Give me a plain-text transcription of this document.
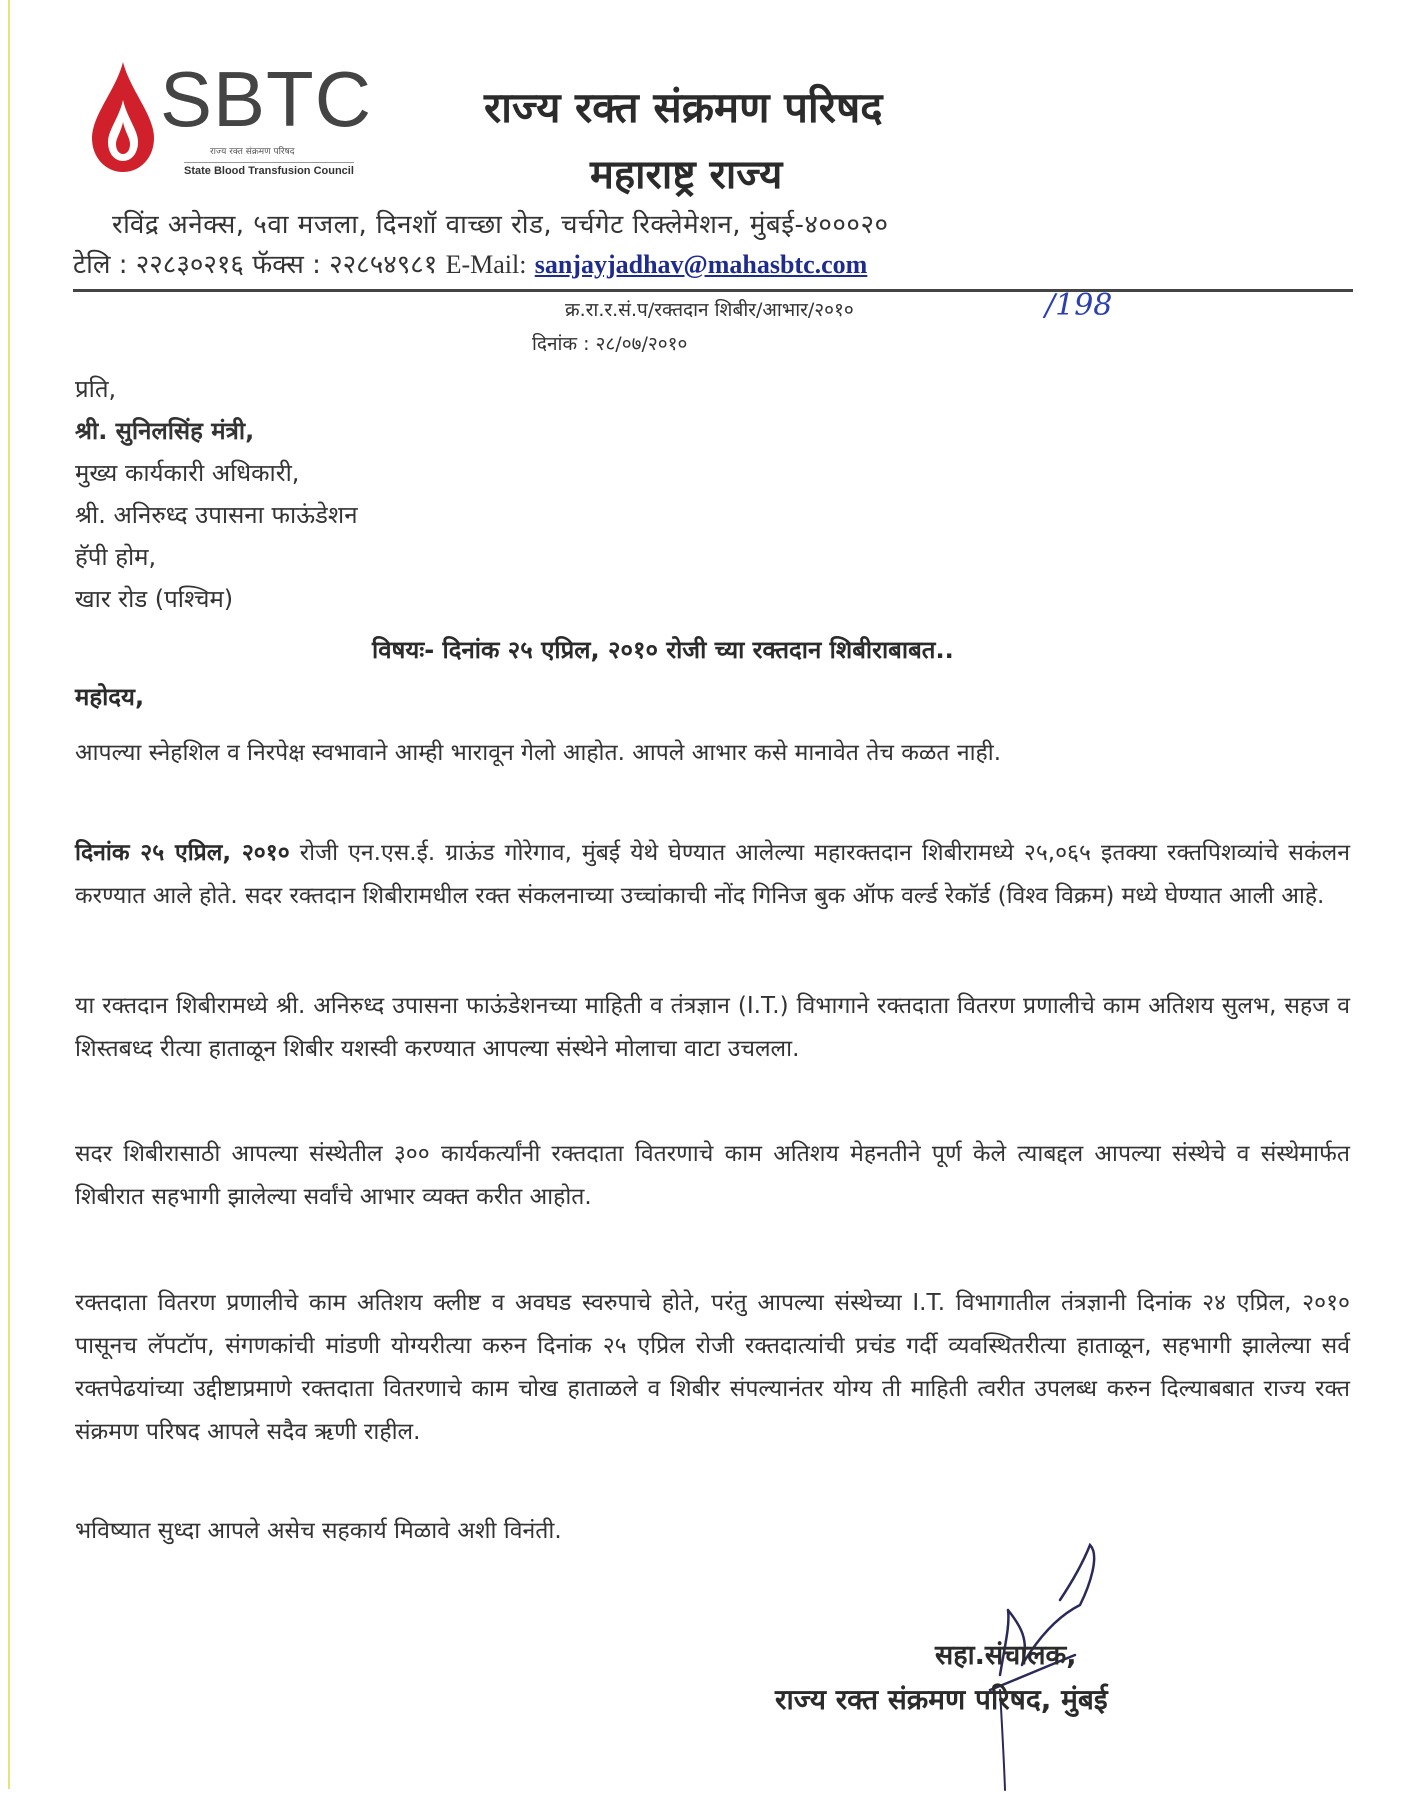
SBTC
राज्य रक्त संक्रमण परिषद
State Blood Transfusion Council
राज्य रक्त संक्रमण परिषद
महाराष्ट्र राज्य
रविंद्र अनेक्स, ५वा मजला, दिनशॉ वाच्छा रोड, चर्चगेट रिक्लेमेशन, मुंबई-४०००२०
टेलि : २२८३०२१६ फॅक्स : २२८५४९८१ E-Mail: sanjayjadhav@mahasbtc.com
क्र.रा.र.सं.प/रक्तदान शिबीर/आभार/२०१०	/198
दिनांक : २८/०७/२०१०
प्रति,
श्री. सुनिलसिंह मंत्री,
मुख्य कार्यकारी अधिकारी,
श्री. अनिरुध्द उपासना फाऊंडेशन
हॅपी होम,
खार रोड (पश्चिम)
विषयः- दिनांक २५ एप्रिल, २०१० रोजी च्या रक्तदान शिबीराबाबत..
महोदय,
आपल्या स्नेहशिल व निरपेक्ष स्वभावाने आम्ही भारावून गेलो आहोत. आपले आभार कसे मानावेत तेच कळत नाही.
दिनांक २५ एप्रिल, २०१० रोजी एन.एस.ई. ग्राऊंड गोरेगाव, मुंबई येथे घेण्यात आलेल्या महारक्तदान शिबीरामध्ये २५,०६५ इतक्या रक्तपिशव्यांचे सकंलन करण्यात आले होते. सदर रक्तदान शिबीरामधील रक्त संकलनाच्या उच्चांकाची नोंद गिनिज बुक ऑफ वर्ल्ड रेकॉर्ड (विश्व विक्रम) मध्ये घेण्यात आली आहे.
या रक्तदान शिबीरामध्ये श्री. अनिरुध्द उपासना फाऊंडेशनच्या माहिती व तंत्रज्ञान (I.T.) विभागाने रक्तदाता वितरण प्रणालीचे काम अतिशय सुलभ, सहज व शिस्तबध्द रीत्या हाताळून शिबीर यशस्वी करण्यात आपल्या संस्थेने मोलाचा वाटा उचलला.
सदर शिबीरासाठी आपल्या संस्थेतील ३०० कार्यकर्त्यांनी रक्तदाता वितरणाचे काम अतिशय मेहनतीने पूर्ण केले त्याबद्दल आपल्या संस्थेचे व संस्थेमार्फत शिबीरात सहभागी झालेल्या सर्वांचे आभार व्यक्त करीत आहोत.
रक्तदाता वितरण प्रणालीचे काम अतिशय क्लीष्ट व अवघड स्वरुपाचे होते, परंतु आपल्या संस्थेच्या I.T. विभागातील तंत्रज्ञानी दिनांक २४ एप्रिल, २०१० पासूनच लॅपटॉप, संगणकांची मांडणी योग्यरीत्या करुन दिनांक २५ एप्रिल रोजी रक्तदात्यांची प्रचंड गर्दी व्यवस्थितरीत्या हाताळून, सहभागी झालेल्या सर्व रक्तपेढयांच्या उद्दीष्टाप्रमाणे रक्तदाता वितरणाचे काम चोख हाताळले व शिबीर संपल्यानंतर योग्य ती माहिती त्वरीत उपलब्ध करुन दिल्याबबात राज्य रक्त संक्रमण परिषद आपले सदैव ऋणी राहील.
भविष्यात सुध्दा आपले असेच सहकार्य मिळावे अशी विनंती.
सहा.संचालक,
राज्य रक्त संक्रमण परिषद, मुंबई
